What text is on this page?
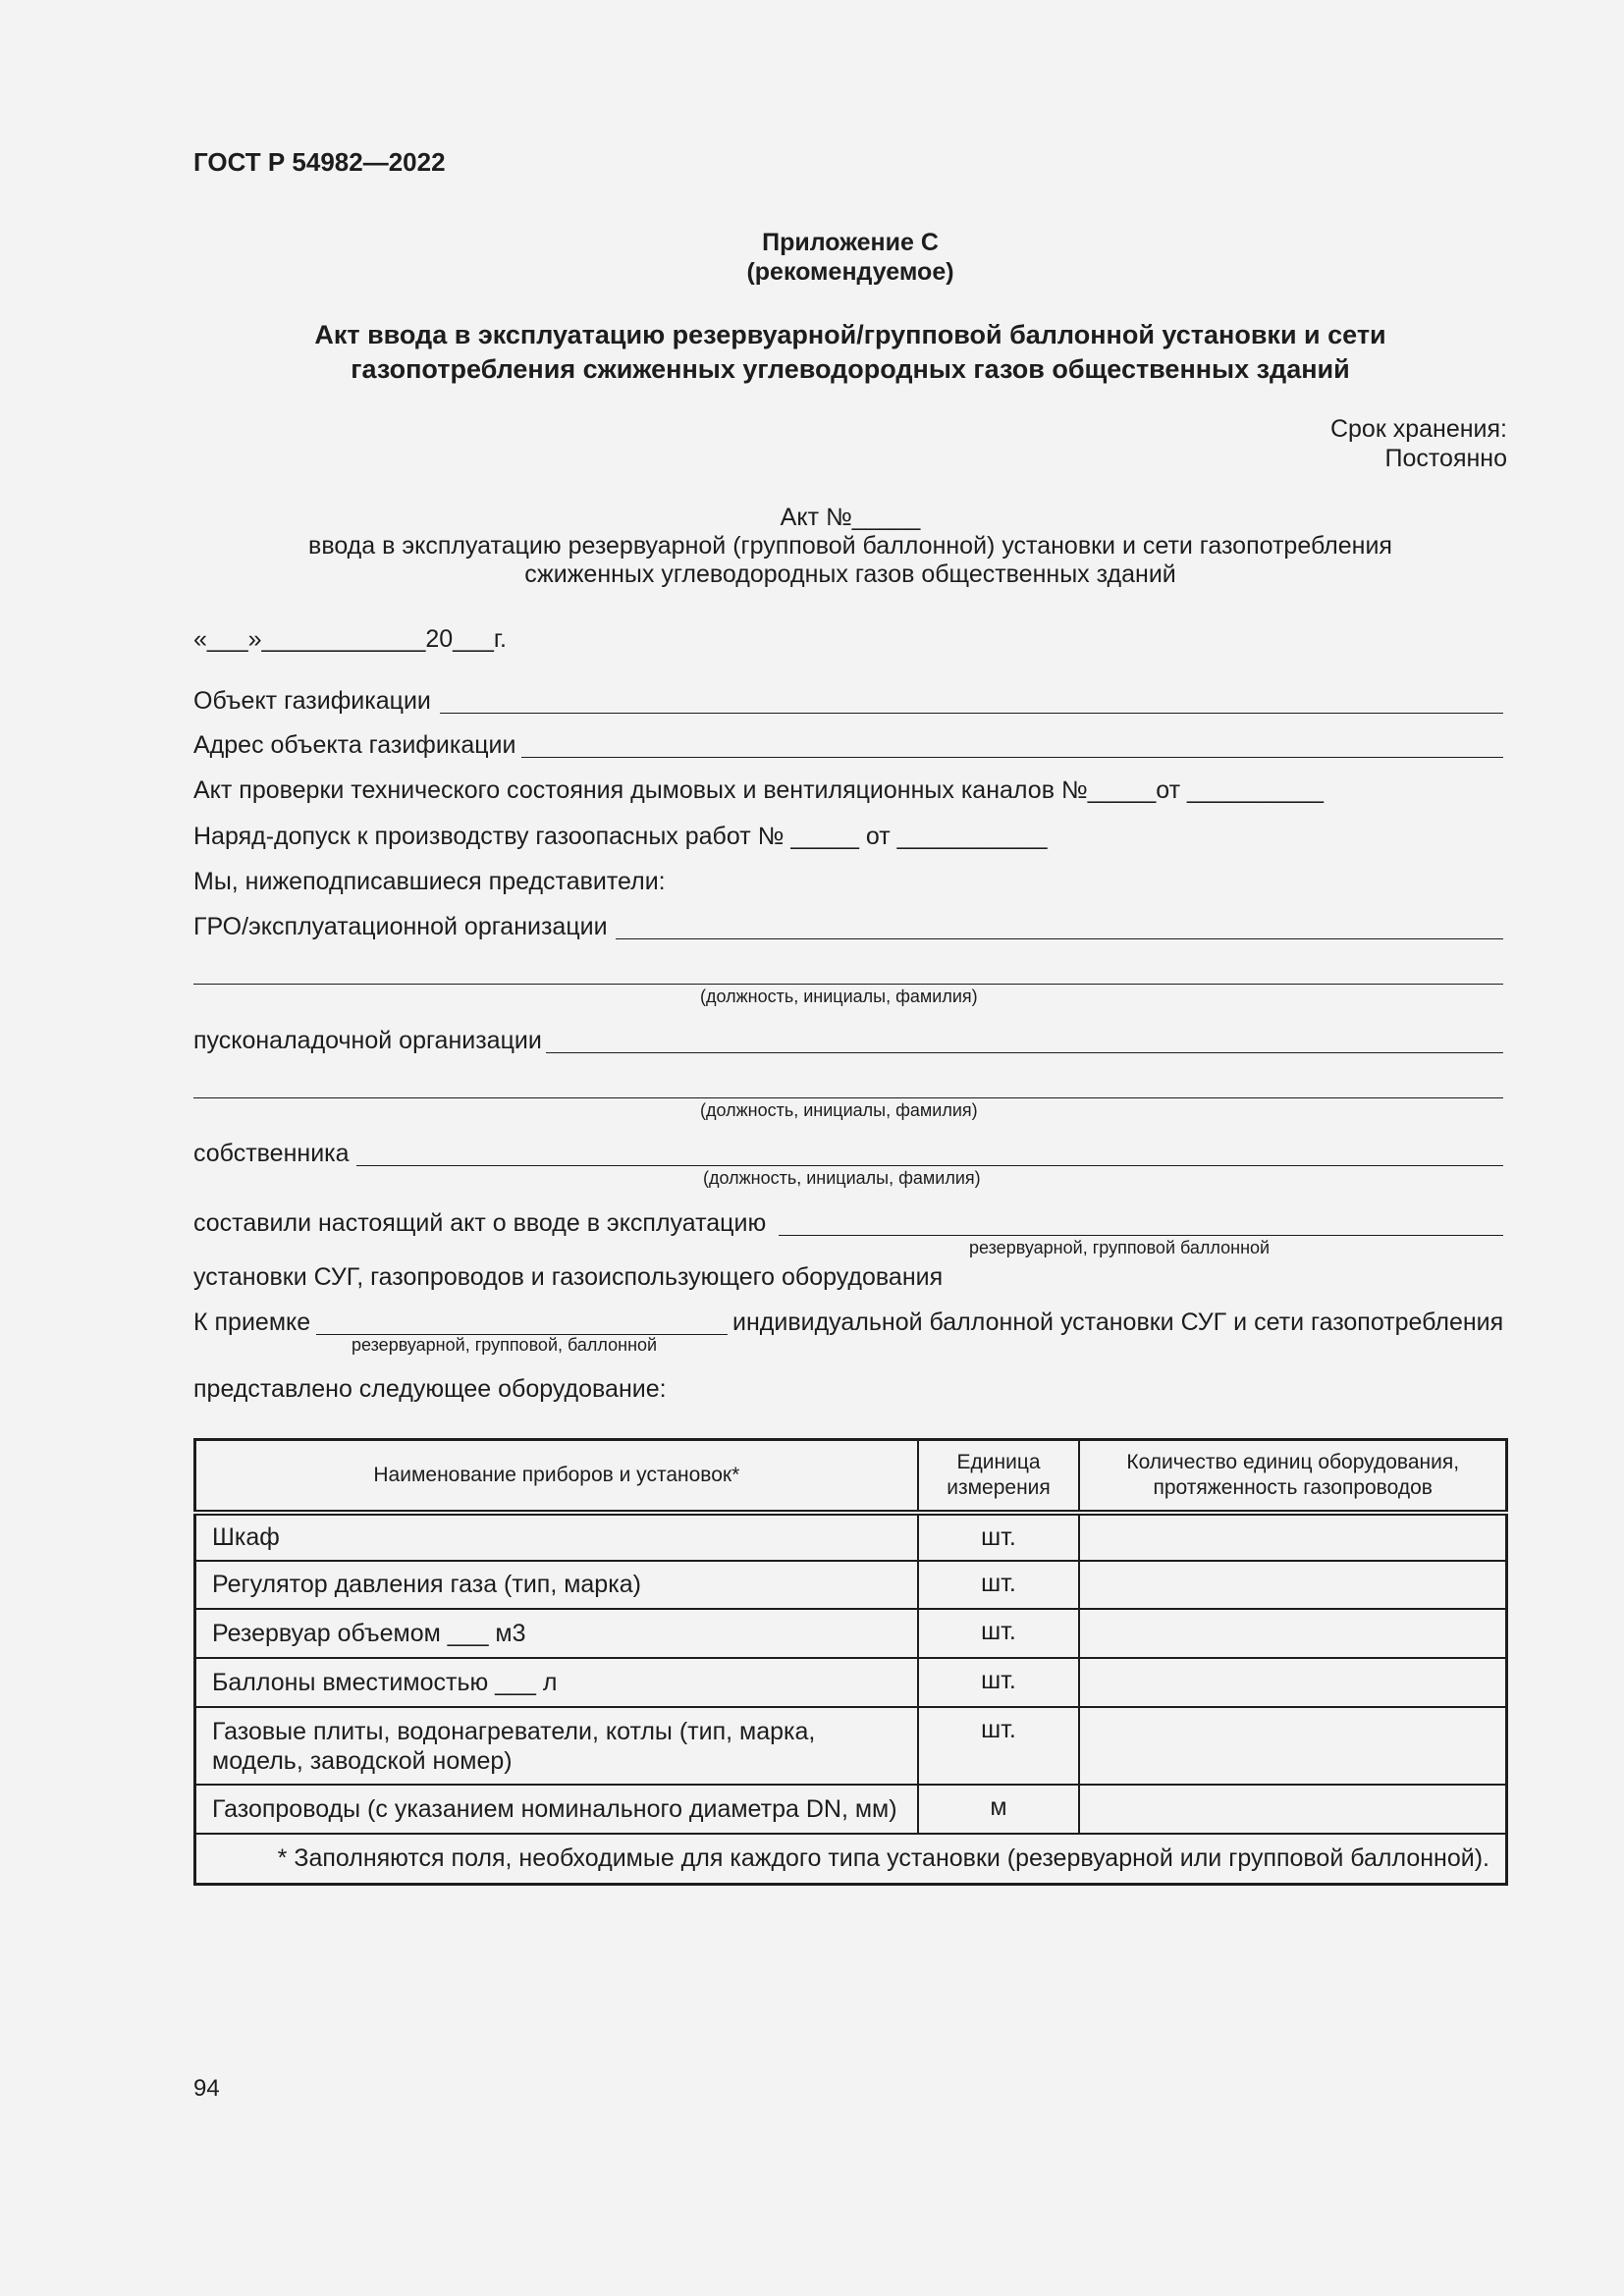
ГОСТ Р 54982—2022
Приложение С
(рекомендуемое)
Акт ввода в эксплуатацию резервуарной/групповой баллонной установки и сети
газопотребления сжиженных углеводородных газов общественных зданий
Срок хранения:
Постоянно
Акт №_____
ввода в эксплуатацию резервуарной (групповой баллонной) установки и сети газопотребления
сжиженных углеводородных газов общественных зданий
«___»____________20___г.
Объект газификации
Адрес объекта газификации
Акт проверки технического состояния дымовых и вентиляционных каналов №_____от __________
Наряд-допуск к производству газоопасных работ № _____ от ___________
Мы, нижеподписавшиеся представители:
ГРО/эксплуатационной организации
(должность, инициалы, фамилия)
пусконаладочной организации
(должность, инициалы, фамилия)
собственника
(должность, инициалы, фамилия)
составили настоящий акт о вводе в эксплуатацию
резервуарной, групповой баллонной
установки СУГ, газопроводов и газоиспользующего оборудования
К приемке
резервуарной, групповой, баллонной
индивидуальной баллонной установки СУГ и сети газопотребления
представлено следующее оборудование:
Наименование приборов и установок*	Единица измерения	Количество единиц оборудования, протяженность газопроводов
Шкаф	шт.	
Регулятор давления газа (тип, марка)	шт.	
Резервуар объемом ___ м3	шт.	
Баллоны вместимостью ___ л	шт.	
Газовые плиты, водонагреватели, котлы (тип, марка, модель, заводской номер)	шт.	
Газопроводы (с указанием номинального диаметра DN, мм)	м	
* Заполняются поля, необходимые для каждого типа установки (резервуарной или групповой баллонной).		
94
